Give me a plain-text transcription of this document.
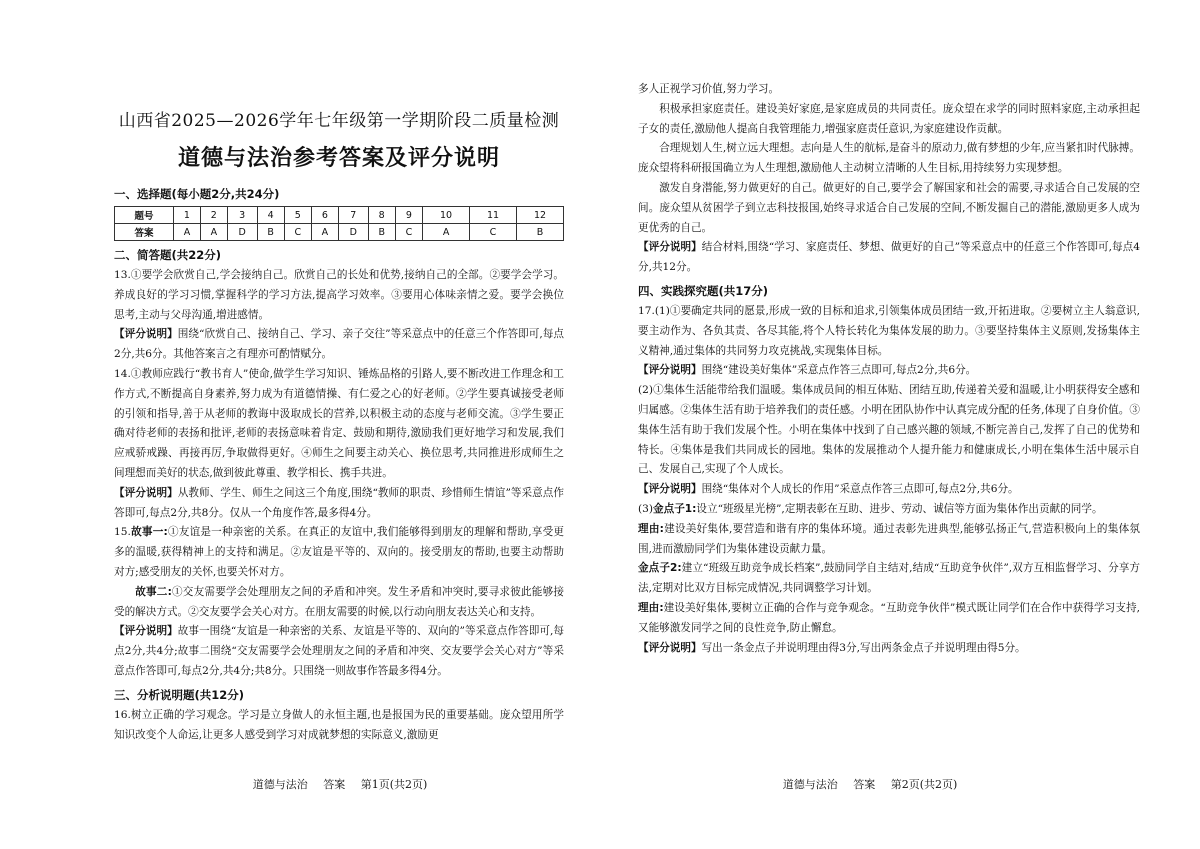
山西省2025—2026学年七年级第一学期阶段二质量检测
道德与法治参考答案及评分说明
一、选择题(每小题2分,共24分)
题号	1	2	3	4	5	6	7	8	9	10	11	12
答案	A	A	D	B	C	A	D	B	C	A	C	B
二、简答题(共22分)

13.①要学会欣赏自己,学会接纳自己。欣赏自己的长处和优势,接纳自己的全部。②要学会学习。养成良好的学习习惯,掌握科学的学习方法,提高学习效率。③要用心体味亲情之爱。要学会换位思考,主动与父母沟通,增进感情。

【评分说明】围绕“欣赏自己、接纳自己、学习、亲子交往”等采意点中的任意三个作答即可,每点2分,共6分。其他答案言之有理亦可酌情赋分。

14.①教师应践行“教书育人”使命,做学生学习知识、锤炼品格的引路人,要不断改进工作理念和工作方式,不断提高自身素养,努力成为有道德情操、有仁爱之心的好老师。②学生要真诚接受老师的引领和指导,善于从老师的教诲中汲取成长的营养,以积极主动的态度与老师交流。③学生要正确对待老师的表扬和批评,老师的表扬意味着肯定、鼓励和期待,激励我们更好地学习和发展,我们应戒骄戒躁、再接再厉,争取做得更好。④师生之间要主动关心、换位思考,共同推进形成师生之间理想而美好的状态,做到彼此尊重、教学相长、携手共进。

【评分说明】从教师、学生、师生之间这三个角度,围绕“教师的职责、珍惜师生情谊”等采意点作答即可,每点2分,共8分。仅从一个角度作答,最多得4分。

15.故事一:①友谊是一种亲密的关系。在真正的友谊中,我们能够得到朋友的理解和帮助,享受更多的温暖,获得精神上的支持和满足。②友谊是平等的、双向的。接受朋友的帮助,也要主动帮助对方;感受朋友的关怀,也要关怀对方。

故事二:①交友需要学会处理朋友之间的矛盾和冲突。发生矛盾和冲突时,要寻求彼此能够接受的解决方式。②交友要学会关心对方。在朋友需要的时候,以行动向朋友表达关心和支持。

【评分说明】故事一围绕“友谊是一种亲密的关系、友谊是平等的、双向的”等采意点作答即可,每点2分,共4分;故事二围绕“交友需要学会处理朋友之间的矛盾和冲突、交友要学会关心对方”等采意点作答即可,每点2分,共4分;共8分。只围绕一则故事作答最多得4分。

三、分析说明题(共12分)

16.树立正确的学习观念。学习是立身做人的永恒主题,也是报国为民的重要基础。庞众望用所学知识改变个人命运,让更多人感受到学习对成就梦想的实际意义,激励更

多人正视学习价值,努力学习。

积极承担家庭责任。建设美好家庭,是家庭成员的共同责任。庞众望在求学的同时照料家庭,主动承担起子女的责任,激励他人提高自我管理能力,增强家庭责任意识,为家庭建设作贡献。

合理规划人生,树立远大理想。志向是人生的航标,是奋斗的原动力,做有梦想的少年,应当紧扣时代脉搏。庞众望将科研报国确立为人生理想,激励他人主动树立清晰的人生目标,用持续努力实现梦想。

激发自身潜能,努力做更好的自己。做更好的自己,要学会了解国家和社会的需要,寻求适合自己发展的空间。庞众望从贫困学子到立志科技报国,始终寻求适合自己发展的空间,不断发掘自己的潜能,激励更多人成为更优秀的自己。

【评分说明】结合材料,围绕“学习、家庭责任、梦想、做更好的自己”等采意点中的任意三个作答即可,每点4分,共12分。

四、实践探究题(共17分)

17.(1)①要确定共同的愿景,形成一致的目标和追求,引领集体成员团结一致,开拓进取。②要树立主人翁意识,要主动作为、各负其责、各尽其能,将个人特长转化为集体发展的助力。③要坚持集体主义原则,发扬集体主义精神,通过集体的共同努力攻克挑战,实现集体目标。

【评分说明】围绕“建设美好集体”采意点作答三点即可,每点2分,共6分。

(2)①集体生活能带给我们温暖。集体成员间的相互体贴、团结互助,传递着关爱和温暖,让小明获得安全感和归属感。②集体生活有助于培养我们的责任感。小明在团队协作中认真完成分配的任务,体现了自身价值。③集体生活有助于我们发展个性。小明在集体中找到了自己感兴趣的领域,不断完善自己,发挥了自己的优势和特长。④集体是我们共同成长的园地。集体的发展推动个人提升能力和健康成长,小明在集体生活中展示自己、发展自己,实现了个人成长。

【评分说明】围绕“集体对个人成长的作用”采意点作答三点即可,每点2分,共6分。

(3)金点子1:设立“班级星光榜”,定期表彰在互助、进步、劳动、诚信等方面为集体作出贡献的同学。

理由:建设美好集体,要营造和谐有序的集体环境。通过表彰先进典型,能够弘扬正气,营造积极向上的集体氛围,进而激励同学们为集体建设贡献力量。

金点子2:建立“班级互助竞争成长档案”,鼓励同学自主结对,结成“互助竞争伙伴”,双方互相监督学习、分享方法,定期对比双方目标完成情况,共同调整学习计划。

理由:建设美好集体,要树立正确的合作与竞争观念。“互助竞争伙伴”模式既让同学们在合作中获得学习支持,又能够激发同学之间的良性竞争,防止懈怠。

【评分说明】写出一条金点子并说明理由得3分,写出两条金点子并说明理由得5分。

道德与法治 答案 第1页(共2页)	道德与法治 答案 第2页(共2页)
